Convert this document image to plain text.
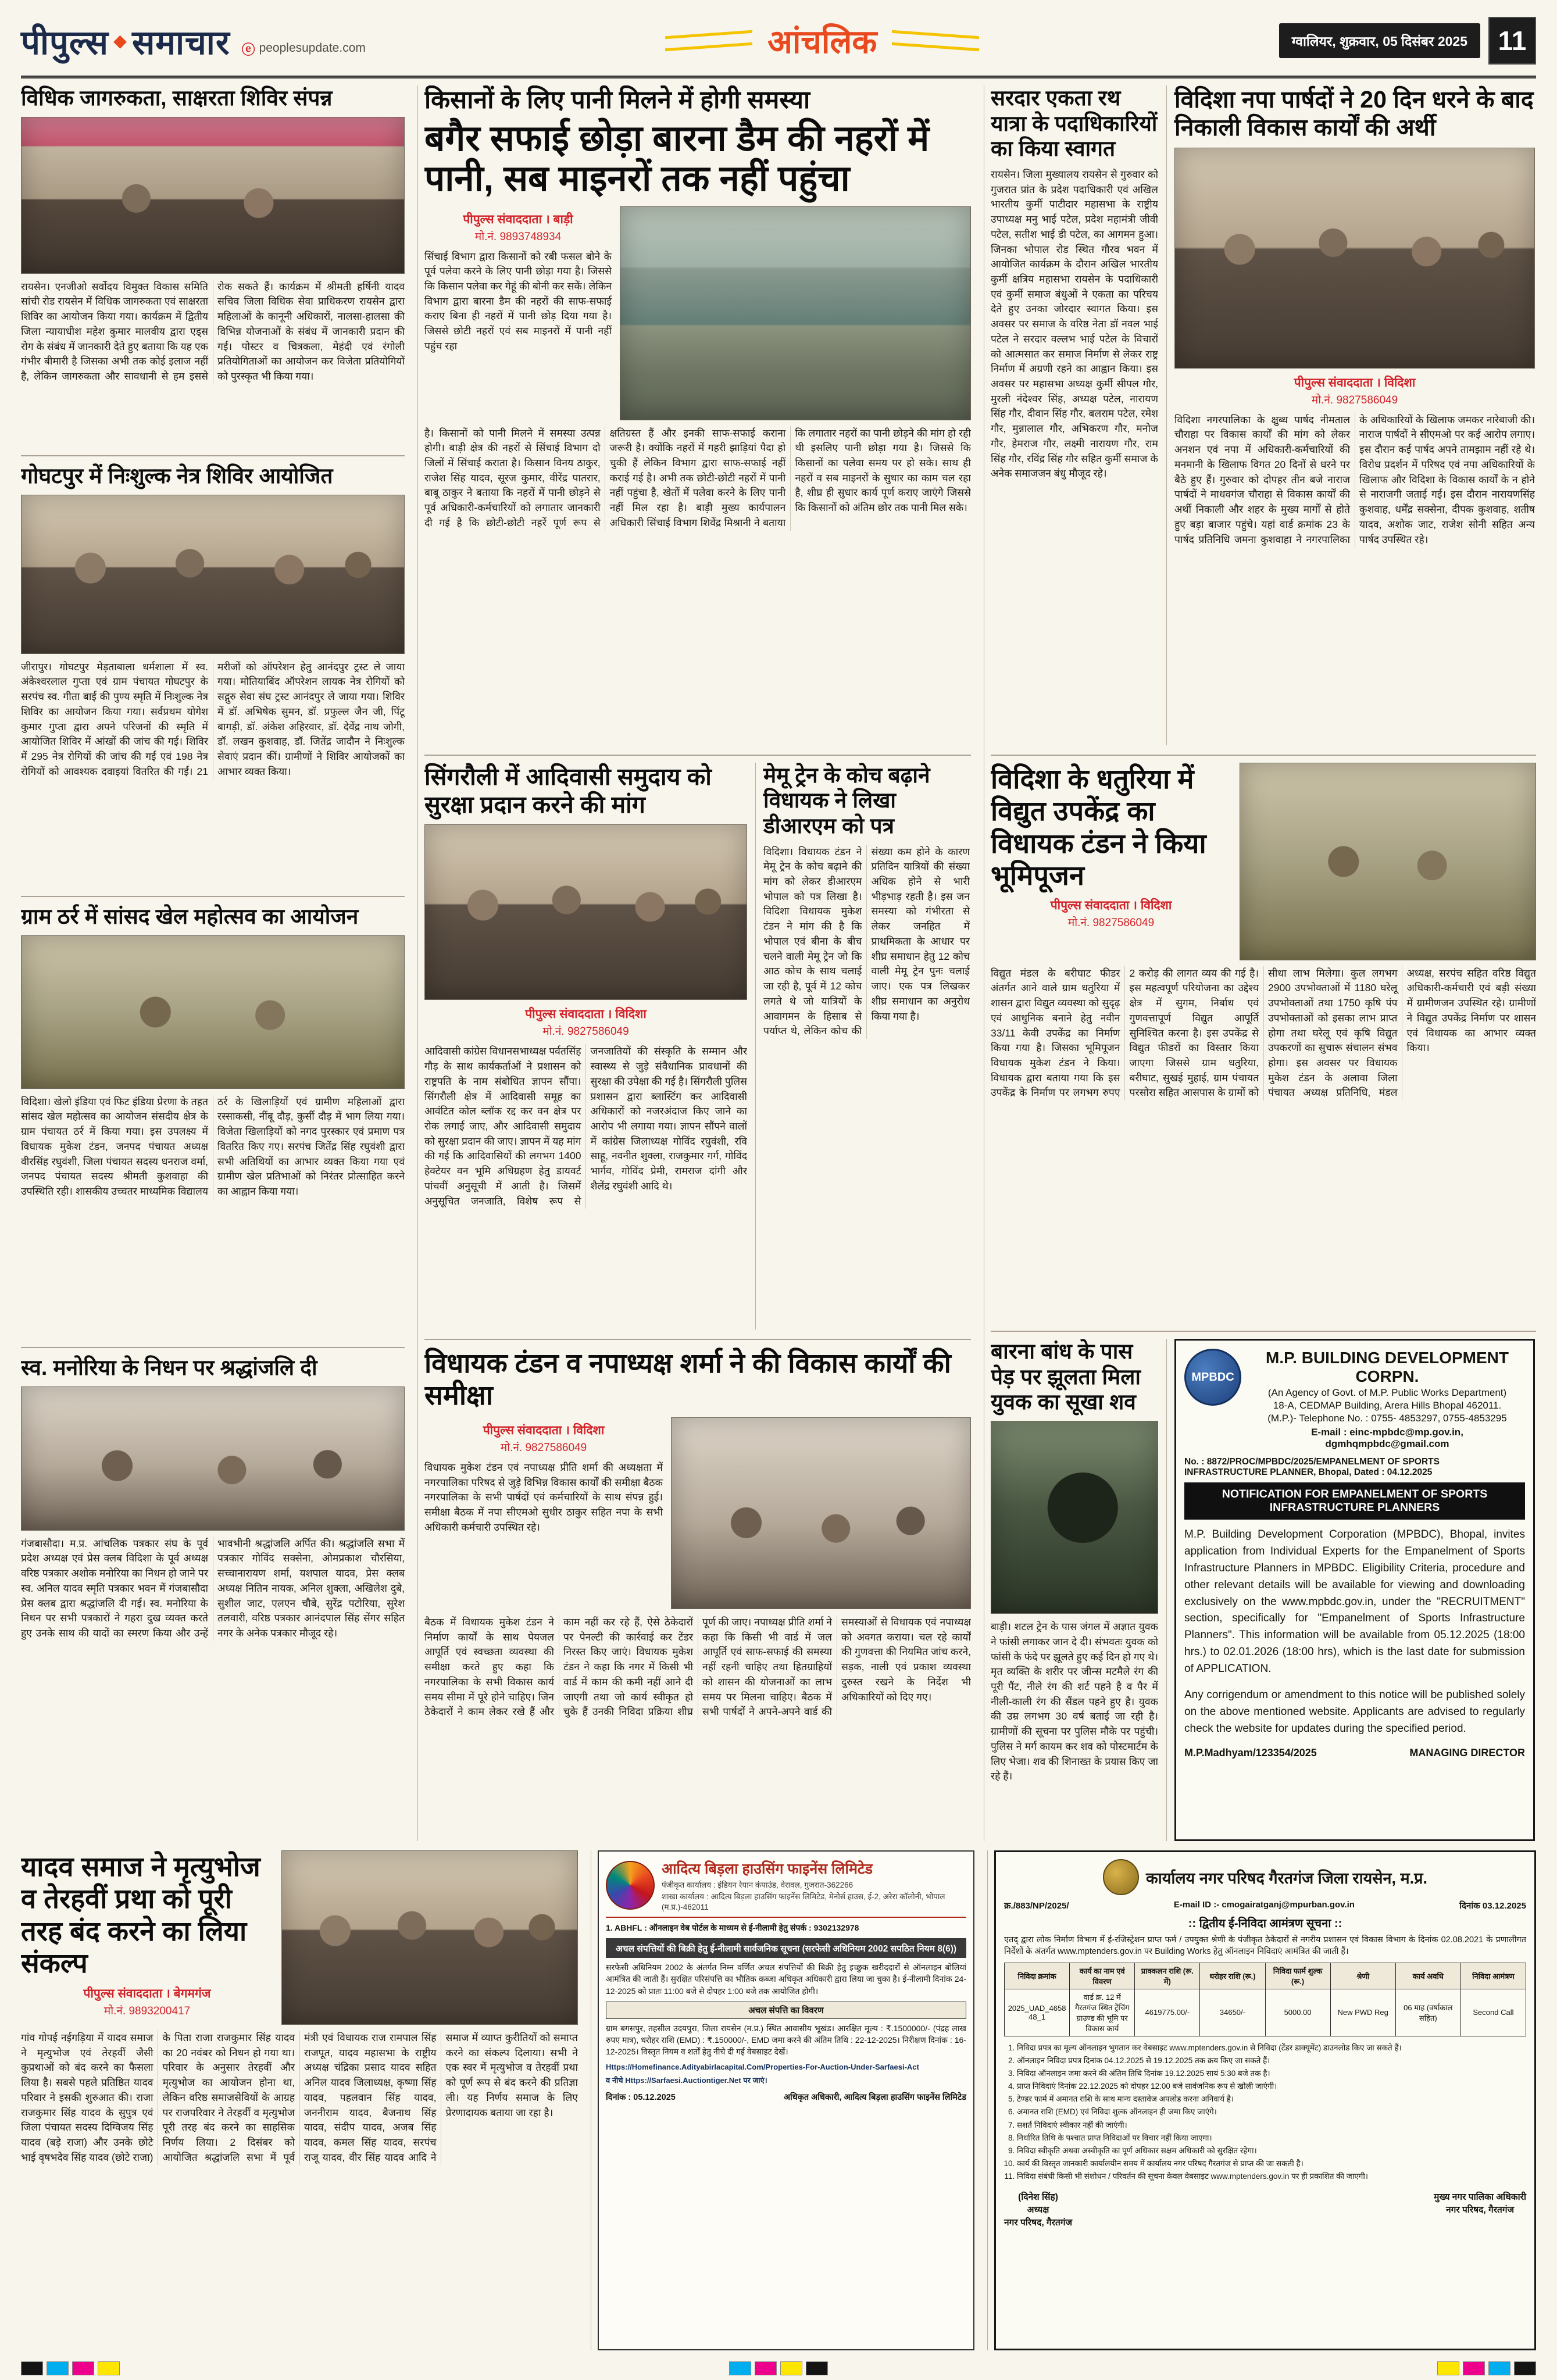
पीपुल्स ◆ समाचार ⓔ peoplesupdate.com	आंचलिक	ग्वालियर, शुक्रवार, 05 दिसंबर 2025	11
विधिक जागरुकता, साक्षरता शिविर संपन्न
रायसेन। एनजीओ सर्वोदय विमुक्त विकास समिति सांची रोड रायसेन में विधिक जागरुकता एवं साक्षरता शिविर का आयोजन किया गया। कार्यक्रम में द्वितीय जिला न्यायाधीश महेश कुमार मालवीय द्वारा एड्स रोग के संबंध में जानकारी देते हुए बताया कि यह एक गंभीर बीमारी है जिसका अभी तक कोई इलाज नहीं है, लेकिन जागरुकता और सावधानी से हम इससे रोक सकते हैं। कार्यक्रम में श्रीमती हर्षिनी यादव सचिव जिला विधिक सेवा प्राधिकरण रायसेन द्वारा महिलाओं के कानूनी अधिकारों, नालसा-हालसा की विभिन्न योजनाओं के संबंध में जानकारी प्रदान की गई। पोस्टर व चित्रकला, मेहंदी एवं रंगोली प्रतियोगिताओं का आयोजन कर विजेता प्रतियोगियों को पुरस्कृत भी किया गया।
गोघटपुर में निःशुल्क नेत्र शिविर आयोजित
जीरापुर। गोघटपुर मेड़ताबाला धर्मशाला में स्व. अंकेश्वरलाल गुप्ता एवं ग्राम पंचायत गोघटपुर के सरपंच स्व. गीता बाई की पुण्य स्मृति में निःशुल्क नेत्र शिविर का आयोजन किया गया। सर्वप्रथम योगेश कुमार गुप्ता द्वारा अपने परिजनों की स्मृति में आयोजित शिविर में आंखों की जांच की गई। शिविर में 295 नेत्र रोगियों की जांच की गई एवं 198 नेत्र रोगियों को आवश्यक दवाइयां वितरित की गईं। 21 मरीजों को ऑपरेशन हेतु आनंदपुर ट्रस्ट ले जाया गया। मोतियाबिंद ऑपरेशन लायक नेत्र रोगियों को सद्गुरु सेवा संघ ट्रस्ट आनंदपुर ले जाया गया। शिविर में डॉ. अभिषेक सुमन, डॉ. प्रफुल्ल जैन जी, पिंटू बागड़ी, डॉ. अंकेश अहिरवार, डॉ. देवेंद्र नाथ जोगी, डॉ. लखन कुशवाह, डॉ. जितेंद्र जादौन ने निःशुल्क सेवाएं प्रदान कीं। ग्रामीणों ने शिविर आयोजकों का आभार व्यक्त किया।
ग्राम ठर्र में सांसद खेल महोत्सव का आयोजन
विदिशा। खेलो इंडिया एवं फिट इंडिया प्रेरणा के तहत सांसद खेल महोत्सव का आयोजन संसदीय क्षेत्र के ग्राम पंचायत ठर्र में किया गया। इस उपलक्ष्य में विधायक मुकेश टंडन, जनपद पंचायत अध्यक्ष वीरसिंह रघुवंशी, जिला पंचायत सदस्य धनराज वर्मा, जनपद पंचायत सदस्य श्रीमती कुशवाहा की उपस्थिति रही। शासकीय उच्चतर माध्यमिक विद्यालय ठर्र के खिलाड़ियों एवं ग्रामीण महिलाओं द्वारा रस्साकसी, नींबू दौड़, कुर्सी दौड़ में भाग लिया गया। विजेता खिलाड़ियों को नगद पुरस्कार एवं प्रमाण पत्र वितरित किए गए। सरपंच जितेंद्र सिंह रघुवंशी द्वारा सभी अतिथियों का आभार व्यक्त किया गया एवं ग्रामीण खेल प्रतिभाओं को निरंतर प्रोत्साहित करने का आह्वान किया गया।
स्व. मनोरिया के निधन पर श्रद्धांजलि दी
गंजबासौदा। म.प्र. आंचलिक पत्रकार संघ के पूर्व प्रदेश अध्यक्ष एवं प्रेस क्लब विदिशा के पूर्व अध्यक्ष वरिष्ठ पत्रकार अशोक मनोरिया का निधन हो जाने पर स्व. अनिल यादव स्मृति पत्रकार भवन में गंजबासौदा प्रेस क्लब द्वारा श्रद्धांजलि दी गई। स्व. मनोरिया के निधन पर सभी पत्रकारों ने गहरा दुख व्यक्त करते हुए उनके साथ की यादों का स्मरण किया और उन्हें भावभीनी श्रद्धांजलि अर्पित की। श्रद्धांजलि सभा में पत्रकार गोविंद सक्सेना, ओमप्रकाश चौरसिया, सच्चानारायण शर्मा, यशपाल यादव, प्रेस क्लब अध्यक्ष नितिन नायक, अनिल शुक्ला, अखिलेश दुबे, सुशील जाट, एलएन चौबे, सुरेंद्र पटोरिया, सुरेश तलवारी, वरिष्ठ पत्रकार आनंदपाल सिंह सेंगर सहित नगर के अनेक पत्रकार मौजूद रहे।
किसानों के लिए पानी मिलने में होगी समस्या
बगैर सफाई छोड़ा बारना डैम की नहरों में पानी, सब माइनरों तक नहीं पहुंचा
पीपुल्स संवाददाता । बाड़ी
मो.नं. 9893748934
सिंचाई विभाग द्वारा किसानों को रबी फसल बोने के पूर्व पलेवा करने के लिए पानी छोड़ा गया है। जिससे कि किसान पलेवा कर गेहूं की बोनी कर सकें। लेकिन विभाग द्वारा बारना डैम की नहरों की साफ-सफाई कराए बिना ही नहरों में पानी छोड़ दिया गया है। जिससे छोटी नहरों एवं सब माइनरों में पानी नहीं पहुंच रहा
है। किसानों को पानी मिलने में समस्या उत्पन्न होगी। बाड़ी क्षेत्र की नहरों से सिंचाई विभाग दो जिलों में सिंचाई कराता है। किसान विनय ठाकुर, राजेश सिंह यादव, सूरज कुमार, वीरेंद्र पातरार, बाबू ठाकुर ने बताया कि नहरों में पानी छोड़ने से पूर्व अधिकारी-कर्मचारियों को लगातार जानकारी दी गई है कि छोटी-छोटी नहरें पूर्ण रूप से क्षतिग्रस्त हैं और इनकी साफ-सफाई कराना जरूरी है। क्योंकि नहरों में गहरी झाड़ियां पैदा हो चुकी हैं लेकिन विभाग द्वारा साफ-सफाई नहीं कराई गई है। अभी तक छोटी-छोटी नहरों में पानी नहीं पहुंचा है, खेतों में पलेवा करने के लिए पानी नहीं मिल रहा है। बाड़ी मुख्य कार्यपालन अधिकारी सिंचाई विभाग शिवेंद्र मिश्रानी ने बताया कि लगातार नहरों का पानी छोड़ने की मांग हो रही थी इसलिए पानी छोड़ा गया है। जिससे कि किसानों का पलेवा समय पर हो सके। साथ ही नहरों व सब माइनरों के सुधार का काम चल रहा है, शीघ्र ही सुधार कार्य पूर्ण कराए जाएंगे जिससे कि किसानों को अंतिम छोर तक पानी मिल सके।
सिंगरौली में आदिवासी समुदाय को सुरक्षा प्रदान करने की मांग
पीपुल्स संवाददाता । विदिशा
मो.नं. 9827586049
आदिवासी कांग्रेस विधानसभाध्यक्ष पर्वतसिंह गौड़ के साथ कार्यकर्ताओं ने प्रशासन को राष्ट्रपति के नाम संबोधित ज्ञापन सौंपा। सिंगरौली क्षेत्र में आदिवासी समूह का आवंटित कोल ब्लॉक रद्द कर वन क्षेत्र पर रोक लगाई जाए, और आदिवासी समुदाय को सुरक्षा प्रदान की जाए। ज्ञापन में यह मांग की गई कि आदिवासियों की लगभग 1400 हेक्टेयर वन भूमि अधिग्रहण हेतु डायवर्ट पांचवीं अनुसूची में आती है। जिसमें अनुसूचित जनजाति, विशेष रूप से जनजातियों की संस्कृति के सम्मान और स्वास्थ्य से जुड़े संवैधानिक प्रावधानों की सुरक्षा की उपेक्षा की गई है। सिंगरौली पुलिस प्रशासन द्वारा ब्लास्टिंग कर आदिवासी अधिकारों को नजरअंदाज किए जाने का आरोप भी लगाया गया। ज्ञापन सौंपने वालों में कांग्रेस जिलाध्यक्ष गोविंद रघुवंशी, रवि साहू, नवनीत शुक्ला, राजकुमार गर्ग, गोविंद भार्गव, गोविंद प्रेमी, रामराज दांगी और शैलेंद्र रघुवंशी आदि थे।
मेमू ट्रेन के कोच बढ़ाने विधायक ने लिखा डीआरएम को पत्र
विदिशा। विधायक टंडन ने मेमू ट्रेन के कोच बढ़ाने की मांग को लेकर डीआरएम भोपाल को पत्र लिखा है। विदिशा विधायक मुकेश टंडन ने मांग की है कि भोपाल एवं बीना के बीच चलने वाली मेमू ट्रेन जो कि आठ कोच के साथ चलाई जा रही है, पूर्व में 12 कोच लगते थे जो यात्रियों के आवागमन के हिसाब से पर्याप्त थे, लेकिन कोच की संख्या कम होने के कारण प्रतिदिन यात्रियों की संख्या अधिक होने से भारी भीड़भाड़ रहती है। इस जन समस्या को गंभीरता से लेकर जनहित में प्राथमिकता के आधार पर शीघ्र समाधान हेतु 12 कोच वाली मेमू ट्रेन पुनः चलाई जाए। एक पत्र लिखकर शीघ्र समाधान का अनुरोध किया गया है।
विधायक टंडन व नपाध्यक्ष शर्मा ने की विकास कार्यों की समीक्षा
पीपुल्स संवाददाता । विदिशा
मो.नं. 9827586049
विधायक मुकेश टंडन एवं नपाध्यक्ष प्रीति शर्मा की अध्यक्षता में नगरपालिका परिषद से जुड़े विभिन्न विकास कार्यों की समीक्षा बैठक नगरपालिका के सभी पार्षदों एवं कर्मचारियों के साथ संपन्न हुई। समीक्षा बैठक में नपा सीएमओ सुधीर ठाकुर सहित नपा के सभी अधिकारी कर्मचारी उपस्थित रहे।
बैठक में विधायक मुकेश टंडन ने निर्माण कार्यों के साथ पेयजल आपूर्ति एवं स्वच्छता व्यवस्था की समीक्षा करते हुए कहा कि नगरपालिका के सभी विकास कार्य समय सीमा में पूरे होने चाहिए। जिन ठेकेदारों ने काम लेकर रखे हैं और काम नहीं कर रहे हैं, ऐसे ठेकेदारों पर पेनल्टी की कार्रवाई कर टेंडर निरस्त किए जाएं। विधायक मुकेश टंडन ने कहा कि नगर में किसी भी वार्ड में काम की कमी नहीं आने दी जाएगी तथा जो कार्य स्वीकृत हो चुके हैं उनकी निविदा प्रक्रिया शीघ्र पूर्ण की जाए। नपाध्यक्ष प्रीति शर्मा ने कहा कि किसी भी वार्ड में जल आपूर्ति एवं साफ-सफाई की समस्या नहीं रहनी चाहिए तथा हितग्राहियों को शासन की योजनाओं का लाभ समय पर मिलना चाहिए। बैठक में सभी पार्षदों ने अपने-अपने वार्ड की समस्याओं से विधायक एवं नपाध्यक्ष को अवगत कराया। चल रहे कार्यों की गुणवत्ता की नियमित जांच करने, सड़क, नाली एवं प्रकाश व्यवस्था दुरुस्त रखने के निर्देश भी अधिकारियों को दिए गए।
सरदार एकता रथ यात्रा के पदाधिकारियों का किया स्वागत
रायसेन। जिला मुख्यालय रायसेन से गुरुवार को गुजरात प्रांत के प्रदेश पदाधिकारी एवं अखिल भारतीय कुर्मी पाटीदार महासभा के राष्ट्रीय उपाध्यक्ष मनु भाई पटेल, प्रदेश महामंत्री जीवी पटेल, सतीश भाई डी पटेल, का आगमन हुआ। जिनका भोपाल रोड स्थित गौरव भवन में आयोजित कार्यक्रम के दौरान अखिल भारतीय कुर्मी क्षत्रिय महासभा रायसेन के पदाधिकारी एवं कुर्मी समाज बंधुओं ने एकता का परिचय देते हुए उनका जोरदार स्वागत किया। इस अवसर पर समाज के वरिष्ठ नेता डॉ नवल भाई पटेल ने सरदार वल्लभ भाई पटेल के विचारों को आत्मसात कर समाज निर्मा‍ण से लेकर राष्ट्र निर्माण में अग्रणी रहने का आह्वान किया। इस अवसर पर महासभा अध्यक्ष कुर्मी सीपल गौर, मुरली नंदेश्वर सिंह, अध्यक्ष पटेल, नारायण सिंह गौर, दीवान सिंह गौर, बलराम पटेल, रमेश गौर, मुन्नालाल गौर, अभिकरण गौर, मनोज गौर, हेमराज गौर, लक्ष्मी नारायण गौर, राम सिंह गौर, रविंद्र सिंह गौर सहित कुर्मी समाज के अनेक समाजजन बंधु मौजूद रहे।
विदिशा नपा पार्षदों ने 20 दिन धरने के बाद निकाली विकास कार्यों की अर्थी
पीपुल्स संवाददाता । विदिशा
मो.नं. 9827586049
विदिशा नगरपालिका के क्षुब्ध पार्षद नीमताल चौराहा पर विकास कार्यों की मांग को लेकर अनशन एवं नपा में अधिकारी-कर्मचारियों की मनमानी के खिलाफ विगत 20 दिनों से धरने पर बैठे हुए हैं। गुरुवार को दोपहर तीन बजे नाराज पार्षदों ने माधवगंज चौराहा से विकास कार्यों की अर्थी निकाली और शहर के मुख्य मार्गों से होते हुए बड़ा बाजार पहुंचे। यहां वार्ड क्रमांक 23 के पार्षद प्रतिनिधि जमना कुशवाहा ने नगरपालिका के अधिकारियों के खिलाफ जमकर नारेबाजी की। नाराज पार्षदों ने सीएमओ पर कई आरोप लगाए। इस दौरान कई पार्षद अपने तामझाम नहीं रहे थे। विरोध प्रदर्शन में परिषद एवं नपा अधिकारियों के खिलाफ और विदिशा के विकास कार्यों के न होने से नाराजगी जताई गई। इस दौरान नारायणसिंह कुशवाह, धर्मेंद्र सक्सेना, दीपक कुशवाह, शतीष यादव, अशोक जाट, राजेश सोनी सहित अन्य पार्षद उपस्थित रहे।
विदिशा के धतुरिया में विद्युत उपकेंद्र का विधायक टंडन ने किया भूमिपूजन
पीपुल्स संवाददाता । विदिशा
मो.नं. 9827586049
विद्युत मंडल के बरीघाट फीडर अंतर्गत आने वाले ग्राम धतुरिया में शासन द्वारा विद्युत व्यवस्था को सुदृढ़ एवं आधुनिक बनाने हेतु नवीन 33/11 केवी उपकेंद्र का निर्माण किया गया है। जिसका भूमिपूजन विधायक मुकेश टंडन ने किया। विधायक द्वारा बताया गया कि इस उपकेंद्र के निर्माण पर लगभग रुपए 2 करोड़ की लागत व्यय की गई है। इस महत्वपूर्ण परियोजना का उद्देश्य क्षेत्र में सुगम, निर्बाध एवं गुणवत्तापूर्ण विद्युत आपूर्ति सुनिश्चित करना है। इस उपकेंद्र से विद्युत फीडरों का विस्तार किया जाएगा जिससे ग्राम धतुरिया, बरीघाट, सुखई मुहाई, ग्राम पंचायत परसोरा सहित आसपास के ग्रामों को सीधा लाभ मिलेगा। कुल लगभग 2900 उपभोक्ताओं में 1180 घरेलू उपभोक्ताओं तथा 1750 कृषि पंप उपभोक्ताओं को इसका लाभ प्राप्त होगा तथा घरेलू एवं कृषि विद्युत उपकरणों का सुचारू संचालन संभव होगा। इस अवसर पर विधायक मुकेश टंडन के अलावा जिला पंचायत अध्यक्ष प्रतिनिधि, मंडल अध्यक्ष, सरपंच सहित वरिष्ठ विद्युत अधिकारी-कर्मचारी एवं बड़ी संख्या में ग्रामीणजन उपस्थित रहे। ग्रामीणों ने विद्युत उपकेंद्र निर्माण पर शासन एवं विधायक का आभार व्यक्त किया।
बारना बांध के पास पेड़ पर झूलता मिला युवक का सूखा शव
बाड़ी। शटल ट्रेन के पास जंगल में अज्ञात युवक ने फांसी लगाकर जान दे दी। संभवतः युवक को फांसी के फंदे पर झूलते हुए कई दिन हो गए थे। मृत व्यक्ति के शरीर पर जीन्स मटमैले रंग की पूरी पैंट, नीले रंग की शर्ट पहने है व पैर में नीली-काली रंग की सैंडल पहने हुए है। युवक की उम्र लगभग 30 वर्ष बताई जा रही है। ग्रामीणों की सूचना पर पुलिस मौके पर पहुंची। पुलिस ने मर्ग कायम कर शव को पोस्टमार्टम के लिए भेजा। शव की शिनाख्त के प्रयास किए जा रहे हैं।
MPBDC
M.P. BUILDING DEVELOPMENT CORPN.
(An Agency of Govt. of M.P. Public Works Department)
18-A, CEDMAP Building, Arera Hills Bhopal 462011.
(M.P.)- Telephone No. : 0755- 4853297, 0755-4853295
E-mail : einc-mpbdc@mp.gov.in, dgmhqmpbdc@gmail.com
No. : 8872/PROC/MPBDC/2025/EMPANELMENT OF SPORTS INFRASTRUCTURE PLANNER, Bhopal, Dated : 04.12.2025
NOTIFICATION FOR EMPANELMENT OF SPORTS INFRASTRUCTURE PLANNERS

M.P. Building Development Corporation (MPBDC), Bhopal, invites application from Individual Experts for the Empanelment of Sports Infrastructure Planners in MPBDC. Eligibility Criteria, procedure and other relevant details will be available for viewing and downloading exclusively on the www.mpbdc.gov.in, under the "RECRUITMENT" section, specifically for "Empanelment of Sports Infrastructure Planners". This information will be available from 05.12.2025 (18:00 hrs.) to 02.01.2026 (18:00 hrs), which is the last date for submission of APPLICATION.

Any corrigendum or amendment to this notice will be published solely on the above mentioned website. Applicants are advised to regularly check the website for updates during the specified period.

M.P.Madhyam/123354/2025	MANAGING DIRECTOR
यादव समाज ने मृत्युभोज व तेरहवीं प्रथा को पूरी तरह बंद करने का लिया संकल्प
पीपुल्स संवाददाता । बेगमगंज
मो.नं. 9893200417
गांव गोपई नईगड़िया में यादव समाज ने मृत्युभोज एवं तेरहवीं जैसी कुप्रथाओं को बंद करने का फैसला लिया है। सबसे पहले प्रतिष्ठित यादव परिवार ने इसकी शुरुआत की। राजा राजकुमार सिंह यादव के सुपुत्र एवं जिला पंचायत सदस्य दिग्विजय सिंह यादव (बड़े राजा) और उनके छोटे भाई वृषभदेव सिंह यादव (छोटे राजा) के पिता राजा राजकुमार सिंह यादव का 20 नवंबर को निधन हो गया था। परिवार के अनुसार तेरहवीं और मृत्युभोज का आयोजन होना था, लेकिन वरिष्ठ समाजसेवियों के आग्रह पर राजपरिवार ने तेरहवीं व मृत्युभोज पूरी तरह बंद करने का साहसिक निर्णय लिया। 2 दिसंबर को आयोजित श्रद्धांजलि सभा में पूर्व मंत्री एवं विधायक राज रामपाल सिंह राजपूत, यादव महासभा के राष्ट्रीय अध्यक्ष चंद्रिका प्रसाद यादव सहित अनिल यादव जिलाध्यक्ष, कृष्णा सिंह यादव, पहलवान सिंह यादव, जननीराम यादव, बैजनाथ सिंह यादव, संदीप यादव, अजब सिंह यादव, कमल सिंह यादव, सरपंच राजू यादव, वीर सिंह यादव आदि ने समाज में व्याप्त कुरीतियों को समाप्त करने का संकल्प दिलाया। सभी ने एक स्वर में मृत्युभोज व तेरहवीं प्रथा को पूर्ण रूप से बंद करने की प्रतिज्ञा ली। यह निर्णय समाज के लिए प्रेरणादायक बताया जा रहा है।
आदित्य बिड़ला हाउसिंग फाइनेंस लिमिटेड
पंजीकृत कार्यालय : इंडियन रेयान कंपाउंड, वेरावल, गुजरात-362266
शाखा कार्यालय : आदित्य बिड़ला हाउसिंग फाइनेंस लिमिटेड, मेनोर्स हाउस, ई-2, अरेरा कॉलोनी, भोपाल (म.प्र.)-462011
1. ABHFL : ऑनलाइन वेब पोर्टल के माध्यम से ई-नीलामी हेतु संपर्क : 9302132978
अचल संपत्तियों की बिक्री हेतु ई-नीलामी सार्वजनिक सूचना (सरफेसी अधिनियम 2002 सपठित नियम 8(6))

सरफेसी अधिनियम 2002 के अंतर्गत निम्न वर्णित अचल संपत्तियों की बिक्री हेतु इच्छुक खरीददारों से ऑनलाइन बोलियां आमंत्रित की जाती हैं। सुरक्षित परिसंपत्ति का भौतिक कब्जा अधिकृत अधिकारी द्वारा लिया जा चुका है। ई-नीलामी दिनांक 24-12-2025 को प्रातः 11:00 बजे से दोपहर 1:00 बजे तक आयोजित होगी।

अचल संपत्ति का विवरण

ग्राम बगसपुर, तहसील उदयपुरा, जिला रायसेन (म.प्र.) स्थित आवासीय भूखंड। आरक्षित मूल्य : ₹.1500000/- (पंद्रह लाख रुपए मात्र), धरोहर राशि (EMD) : ₹.150000/-, EMD जमा करने की अंतिम तिथि : 22-12-2025। निरीक्षण दिनांक : 16-12-2025। विस्तृत नियम व शर्तों हेतु नीचे दी गई वेबसाइट देखें।

Https://Homefinance.Adityabirlacapital.Com/Properties-For-Auction-Under-Sarfaesi-Act
व नीचे Https://Sarfaesi.Auctiontiger.Net पर जाएं।
दिनांक : 05.12.2025	अधिकृत अधिकारी, आदित्य बिड़ला हाउसिंग फाइनेंस लिमिटेड
कार्यालय नगर परिषद गैरतगंज जिला रायसेन, म.प्र.
क्र./883/NP/2025/	E-mail ID :- cmogairatganj@mpurban.gov.in	दिनांक 03.12.2025
:: द्वितीय ई-निविदा आमंत्रण सूचना ::

एतद् द्वारा लोक निर्माण विभाग में ई-रजिस्ट्रेशन प्राप्त फर्म / उपयुक्त श्रेणी के पंजीकृत ठेकेदारों से नगरीय प्रशासन एवं विकास विभाग के दिनांक 02.08.2021 के प्रणालीगत निर्देशों के अंतर्गत www.mptenders.gov.in पर Building Works हेतु ऑनलाइन निविदाएं आमंत्रित की जाती हैं।

निविदा क्रमांक	कार्य का नाम एवं विवरण	प्राक्कलन राशि (रू. में)	धरोहर राशि (रू.)	निविदा फार्म शुल्क (रू.)	श्रेणी	कार्य अवधि	निविदा आमंत्रण
2025_UAD_465848_1	वार्ड क्र. 12 में गैरतगंज स्थित ट्रेंचिंग ग्राउण्ड की भूमि पर विकास कार्य	4619775.00/-	34650/-	5000.00	New PWD Reg	06 माह (वर्षाकाल सहित)	Second Call
1. निविदा प्रपत्र का मूल्य ऑनलाइन भुगतान कर वेबसाइट www.mptenders.gov.in से निविदा (टेंडर डाक्यूमेंट) डाउनलोड किए जा सकते हैं।
2. ऑनलाइन निविदा प्रपत्र दिनांक 04.12.2025 से 19.12.2025 तक क्रय किए जा सकते हैं।
3. निविदा ऑनलाइन जमा करने की अंतिम तिथि दिनांक 19.12.2025 सायं 5:30 बजे तक है।
4. प्राप्त निविदाएं दिनांक 22.12.2025 को दोपहर 12:00 बजे सार्वजनिक रूप से खोली जाएंगी।
5. टेण्डर फार्म में अमानत राशि के साथ मान्य दस्तावेज अपलोड करना अनिवार्य है।
6. अमानत राशि (EMD) एवं निविदा शुल्क ऑनलाइन ही जमा किए जाएंगे।
7. सशर्त निविदाएं स्वीकार नहीं की जाएंगी।
8. निर्धारित तिथि के पश्चात प्राप्त निविदाओं पर विचार नहीं किया जाएगा।
9. निविदा स्वीकृति अथवा अस्वीकृति का पूर्ण अधिकार सक्षम अधिकारी को सुरक्षित रहेगा।
10. कार्य की विस्तृत जानकारी कार्यालयीन समय में कार्यालय नगर परिषद गैरतगंज से प्राप्त की जा सकती है।
11. निविदा संबंधी किसी भी संशोधन / परिवर्तन की सूचना केवल वेबसाइट www.mptenders.gov.in पर ही प्रकाशित की जाएगी।
(दिनेश सिंह)
अध्यक्ष
नगर परिषद, गैरतगंज
मुख्य नगर पालिका अधिकारी
नगर परिषद, गैरतगंज
